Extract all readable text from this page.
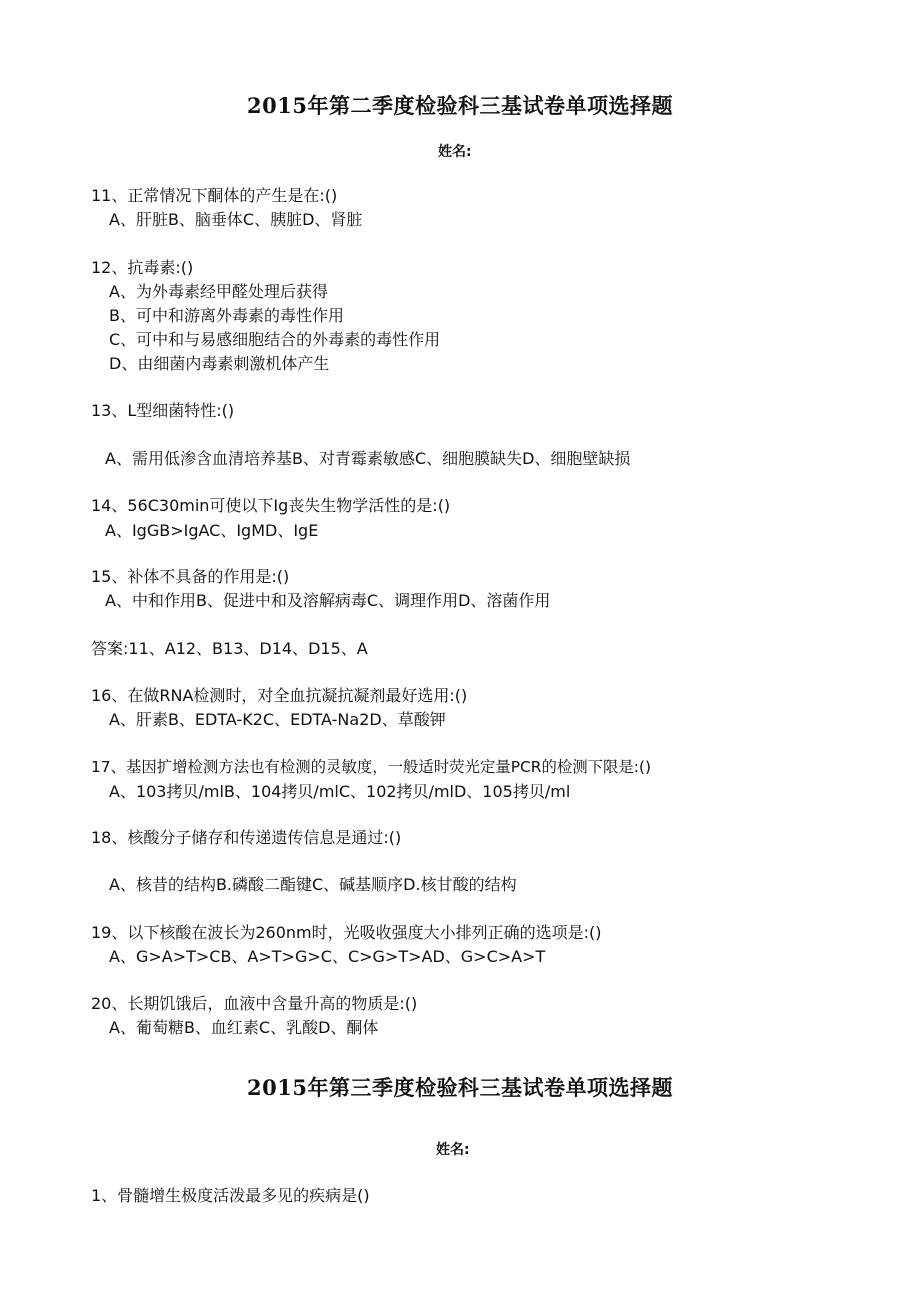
2015年第二季度检验科三基试卷单项选择题
姓名:
11、正常情况下酮体的产生是在:()
A、肝脏B、脑垂体C、胰脏D、肾脏
12、抗毒素:()
A、为外毒素经甲醛处理后获得
B、可中和游离外毒素的毒性作用
C、可中和与易感细胞结合的外毒素的毒性作用
D、由细菌内毒素刺激机体产生
13、L型细菌特性:()
A、需用低渗含血清培养基B、对青霉素敏感C、细胞膜缺失D、细胞壁缺损
14、56C30min可使以下Ig丧失生物学活性的是:()
A、IgGB>IgAC、IgMD、IgE
15、补体不具备的作用是:()
A、中和作用B、促进中和及溶解病毒C、调理作用D、溶菌作用
答案:11、A12、B13、D14、D15、A
16、在做RNA检测时，对全血抗凝抗凝剂最好选用:()
A、肝素B、EDTA-K2C、EDTA-Na2D、草酸钾
17、基因扩增检测方法也有检测的灵敏度，一般适时荧光定量PCR的检测下限是:()
A、103拷贝/mlB、104拷贝/mlC、102拷贝/mlD、105拷贝/ml
18、核酸分子储存和传递遗传信息是通过:()
A、核昔的结构B.磷酸二酯键C、碱基顺序D.核甘酸的结构
19、以下核酸在波长为260nm时，光吸收强度大小排列正确的选项是:()
A、G>A>T>CB、A>T>G>C、C>G>T>AD、G>C>A>T
20、长期饥饿后，血液中含量升高的物质是:()
A、葡萄糖B、血红素C、乳酸D、酮体
2015年第三季度检验科三基试卷单项选择题
姓名:
1、骨髓增生极度活泼最多见的疾病是()
